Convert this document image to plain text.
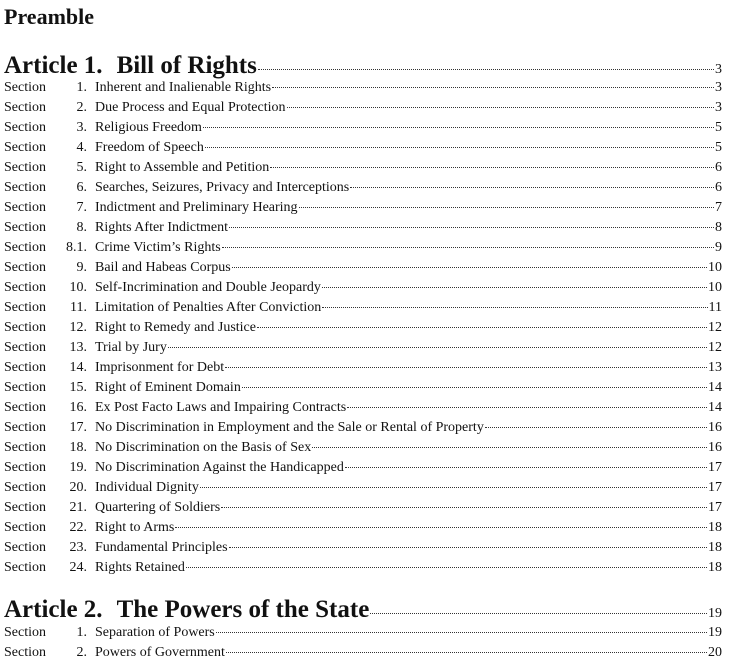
Preamble
Article 1. Bill of Rights	3
Section	1. Inherent and Inalienable Rights	3
Section	2. Due Process and Equal Protection	3
Section	3. Religious Freedom	5
Section	4. Freedom of Speech	5
Section	5. Right to Assemble and Petition	6
Section	6. Searches, Seizures, Privacy and Interceptions	6
Section	7. Indictment and Preliminary Hearing	7
Section	8. Rights After Indictment	8
Section	8.1. Crime Victim’s Rights	9
Section	9. Bail and Habeas Corpus	10
Section	10. Self-Incrimination and Double Jeopardy	10
Section	11. Limitation of Penalties After Conviction	11
Section	12. Right to Remedy and Justice	12
Section	13. Trial by Jury	12
Section	14. Imprisonment for Debt	13
Section	15. Right of Eminent Domain	14
Section	16. Ex Post Facto Laws and Impairing Contracts	14
Section	17. No Discrimination in Employment and the Sale or Rental of Property	16
Section	18. No Discrimination on the Basis of Sex	16
Section	19. No Discrimination Against the Handicapped	17
Section	20. Individual Dignity	17
Section	21. Quartering of Soldiers	17
Section	22. Right to Arms	18
Section	23. Fundamental Principles	18
Section	24. Rights Retained	18
Article 2. The Powers of the State	19
Section	1. Separation of Powers	19
Section	2. Powers of Government	20
